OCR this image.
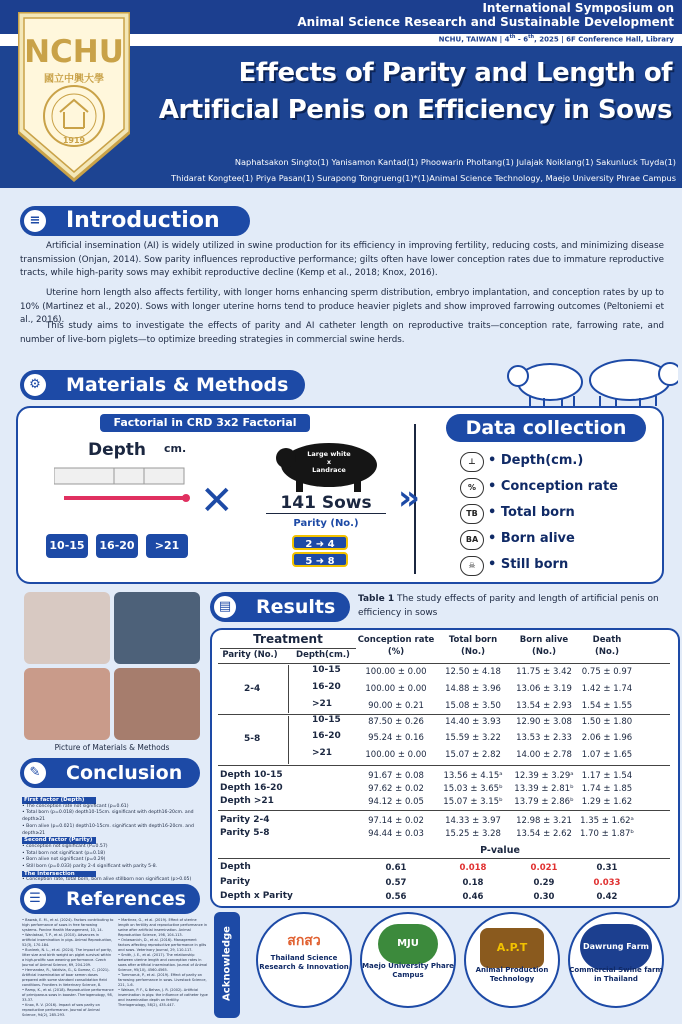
International Symposium on
Animal Science Research and Sustainable Development
NCHU, TAIWAN | 4th - 6th, 2025 | 6F Conference Hall, Library
Effects of Parity and Length of
Artificial Penis on Efficiency in Sows
Naphatsakon Singto(1) Yanisamon Kantad(1) Phoowarin Pholtang(1) Julajak Noiklang(1) Sakunluck Tuyda(1)
Thidarat Kongtee(1) Priya Pasan(1) Surapong Tongrueng(1)*(1)Animal Science Technology, Maejo University Phrae Campus
NCHU
國立中興大學
1919
≡	Introduction

Artificial insemination (AI) is widely utilized in swine production for its efficiency in improving fertility, reducing costs, and minimizing disease transmission (Onjan, 2014). Sow parity influences reproductive performance; gilts often have lower conception rates due to immature reproductive tracts, while high-parity sows may exhibit reproductive decline (Kemp et al., 2018; Knox, 2016).

Uterine horn length also affects fertility, with longer horns enhancing sperm distribution, embryo implantation, and conception rates by up to 10% (Martinez et al., 2020). Sows with longer uterine horns tend to produce heavier piglets and show improved farrowing outcomes (Peltoniemi et al., 2016).

This study aims to investigate the effects of parity and AI catheter length on reproductive traits—conception rate, farrowing rate, and number of live-born piglets—to optimize breeding strategies in commercial swine herds.

⚙	Materials & Methods
Factorial in CRD 3x2 Factorial
Depth cm.
10-15	16-20	>21
✕
Large white
x
Landrace
141 Sows
Parity (No.)
2 ➜ 4
5 ➜ 8
»
Data collection
⊥ • Depth(cm.)
% • Conception rate
TB • Total born
BA • Born alive
☠ • Still born
Picture of Materials & Methods
✎	Conclusion
First factor (Depth)
• The conception rate not significant (p=0.61)
• Total born (p=0.018) depth10-15cm. significant with depth16-20cm. and depth≥21
• Born alive (p=0.021) depth10-15cm. significant with depth16-20cm. and depth≥21
Second factor (Parity)
• conception not significant (P=0.57)
• Total born not significant (p=0.18)
• Born alive not significant (p=0.29)
• Still born (p=0.033) parity 2-4 significant with parity 5-8.
The intersection
• Conception rate, total born, born alive stillborn non significant (p>0.05)
☰	References
• Bawab, E. M., et al. (2024). Factors contributing to high performance of sows in free farrowing systems. Porcine Health Management, 10, 14.
• Wanlaksai, T. P., et al. (2010). Advances in artificial insemination in pigs. Animal Reproduction, 52(3), 170-184.
• Bunleek, N. L., et al. (2024). The impact of parity, litter size and birth weight on piglet survival within a high-prolific sow weaning performance. Czech Journal of Animal Science, 69, 204-209.
• Hernandez, R., Valdivia, G., & Gomez, C. (2021). Artificial insemination of boar semen doses prepared with some standard consolidation field conditions. Frontiers in Veterinary Science, 8.
• Ramp, K., et al. (2018). Reproductive performance of primiparous sows in booster. Theriogenology, 98, 33-37.
• Knox, R. V. (2016). Impact of sow parity on reproductive performance. Journal of Animal Science, 94(2), 285-293.
• Martinez, G., et al. (2019). Effect of uterine length on fertility and reproductive performance in swine after artificial insemination. Animal Reproduction Science, 198, 104-113.
• Onlawanich, D., et al. (2016). Management factors affecting reproductive performance in gilts and sows. Veterinary Journal, 29, 110-117.
• Smith, J. E., et al. (2017). The relationship between uterine length and conception rates in sows after artificial insemination. Journal of Animal Science, 95(10), 4560-4565.
• Tummaruk, P., et al. (2019). Effect of parity on farrowing performance in sows. Livestock Science, 221, 1-6.
• Watson, P. F., & Behan, J. R. (2002). Artificial insemination in pigs: the influence of catheter type and insemination depth on fertility. Theriogenology, 58(2), 435-447.
▤	Results	Table 1 The study effects of parity and length of artificial penis on efficiency in sows
Treatment
Parity (No.)	Depth(cm.)
Conception rate
(%)
Total born
(No.)
Born alive
(No.)
Death
(No.)
2-4
10-15	100.00 ± 0.00	12.50 ± 4.18	11.75 ± 3.42	0.75 ± 0.97
16-20	100.00 ± 0.00	14.88 ± 3.96	13.06 ± 3.19	1.42 ± 1.74
>21	90.00 ± 0.21	15.08 ± 3.50	13.54 ± 2.93	1.54 ± 1.55
5-8
10-15	87.50 ± 0.26	14.40 ± 3.93	12.90 ± 3.08	1.50 ± 1.80
16-20	95.24 ± 0.16	15.59 ± 3.22	13.53 ± 2.33	2.06 ± 1.96
>21	100.00 ± 0.00	15.07 ± 2.82	14.00 ± 2.78	1.07 ± 1.65
Depth 10-15	91.67 ± 0.08	13.56 ± 4.15ᵃ	12.39 ± 3.29ᵃ 1.17 ± 1.54
Depth 16-20	97.62 ± 0.02	15.03 ± 3.65ᵇ	13.39 ± 2.81ᵇ 1.74 ± 1.85
Depth >21	94.12 ± 0.05	15.07 ± 3.15ᵇ	13.79 ± 2.86ᵇ 1.29 ± 1.62
Parity 2-4	97.14 ± 0.02	14.33 ± 3.97	12.98 ± 3.21 1.35 ± 1.62ᵃ
Parity 5-8	94.44 ± 0.03	15.25 ± 3.28	13.54 ± 2.62 1.70 ± 1.87ᵇ
P-value
Depth	0.61	0.018	0.021	0.31
Parity	0.57	0.18	0.29	0.033
Depth x Parity	0.56	0.46	0.30	0.42
Acknowledge	สกสว
Thailand Science Research & Innovation
MJU
Maejo University Phare Campus
A.P.T
Animal Production Technology
Dawrung Farm
Commercial Swine farm in Thailand
